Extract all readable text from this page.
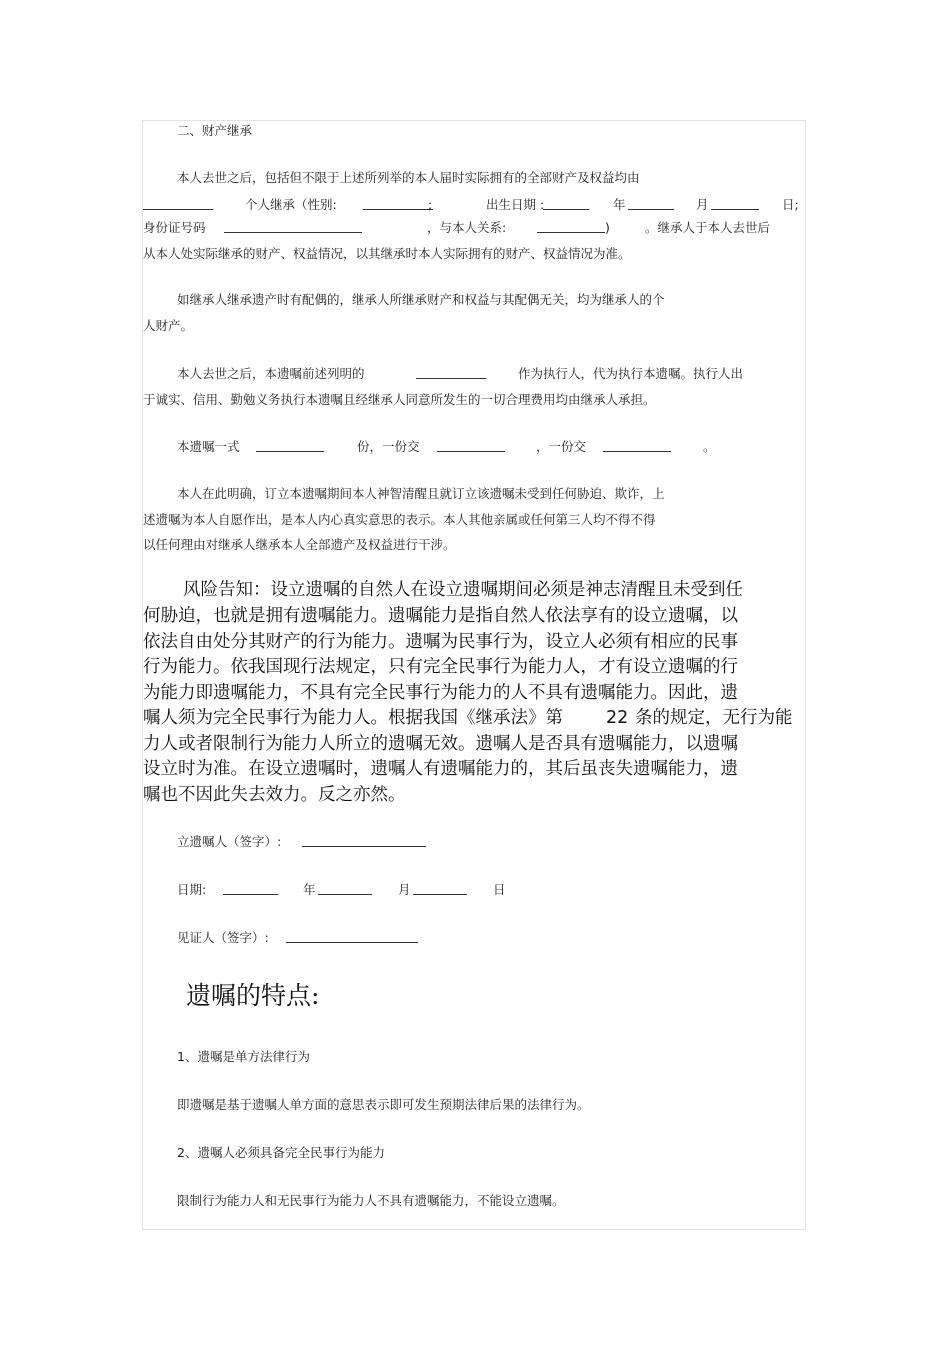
二、财产继承
本人去世之后，包括但不限于上述所列举的本人届时实际拥有的全部财产及权益均由
个人继承（性别:	;	出生日期 :	年	月	日;
身份证号码	，与本人关系:	)	。继承人于本人去世后
从本人处实际继承的财产、权益情况，以其继承时本人实际拥有的财产、权益情况为准。
如继承人继承遗产时有配偶的，继承人所继承财产和权益与其配偶无关，均为继承人的个
人财产。
本人去世之后，本遗嘱前述列明的	作为执行人，代为执行本遗嘱。执行人出
于诚实、信用、勤勉义务执行本遗嘱且经继承人同意所发生的一切合理费用均由继承人承担。
本遗嘱一式	份，一份交	，一份交	。
本人在此明确，订立本遗嘱期间本人神智清醒且就订立该遗嘱未受到任何胁迫、欺诈，上
述遗嘱为本人自愿作出，是本人内心真实意思的表示。本人其他亲属或任何第三人均不得不得
以任何理由对继承人继承本人全部遗产及权益进行干涉。
风险告知：设立遗嘱的自然人在设立遗嘱期间必须是神志清醒且未受到任
何胁迫，也就是拥有遗嘱能力。遗嘱能力是指自然人依法享有的设立遗嘱，以
依法自由处分其财产的行为能力。遗嘱为民事行为，设立人必须有相应的民事
行为能力。依我国现行法规定，只有完全民事行为能力人，才有设立遗嘱的行
为能力即遗嘱能力，不具有完全民事行为能力的人不具有遗嘱能力。因此，遗
嘱人须为完全民事行为能力人。根据我国《继承法》第 22 条的规定，无行为能
力人或者限制行为能力人所立的遗嘱无效。遗嘱人是否具有遗嘱能力，以遗嘱
设立时为准。在设立遗嘱时，遗嘱人有遗嘱能力的，其后虽丧失遗嘱能力，遗
嘱也不因此失去效力。反之亦然。
立遗嘱人（签字）:
日期:	年	月	日
见证人（签字）:
遗嘱的特点:
1、遗嘱是单方法律行为
即遗嘱是基于遗嘱人单方面的意思表示即可发生预期法律后果的法律行为。
2、遗嘱人必须具备完全民事行为能力
限制行为能力人和无民事行为能力人不具有遗嘱能力，不能设立遗嘱。
